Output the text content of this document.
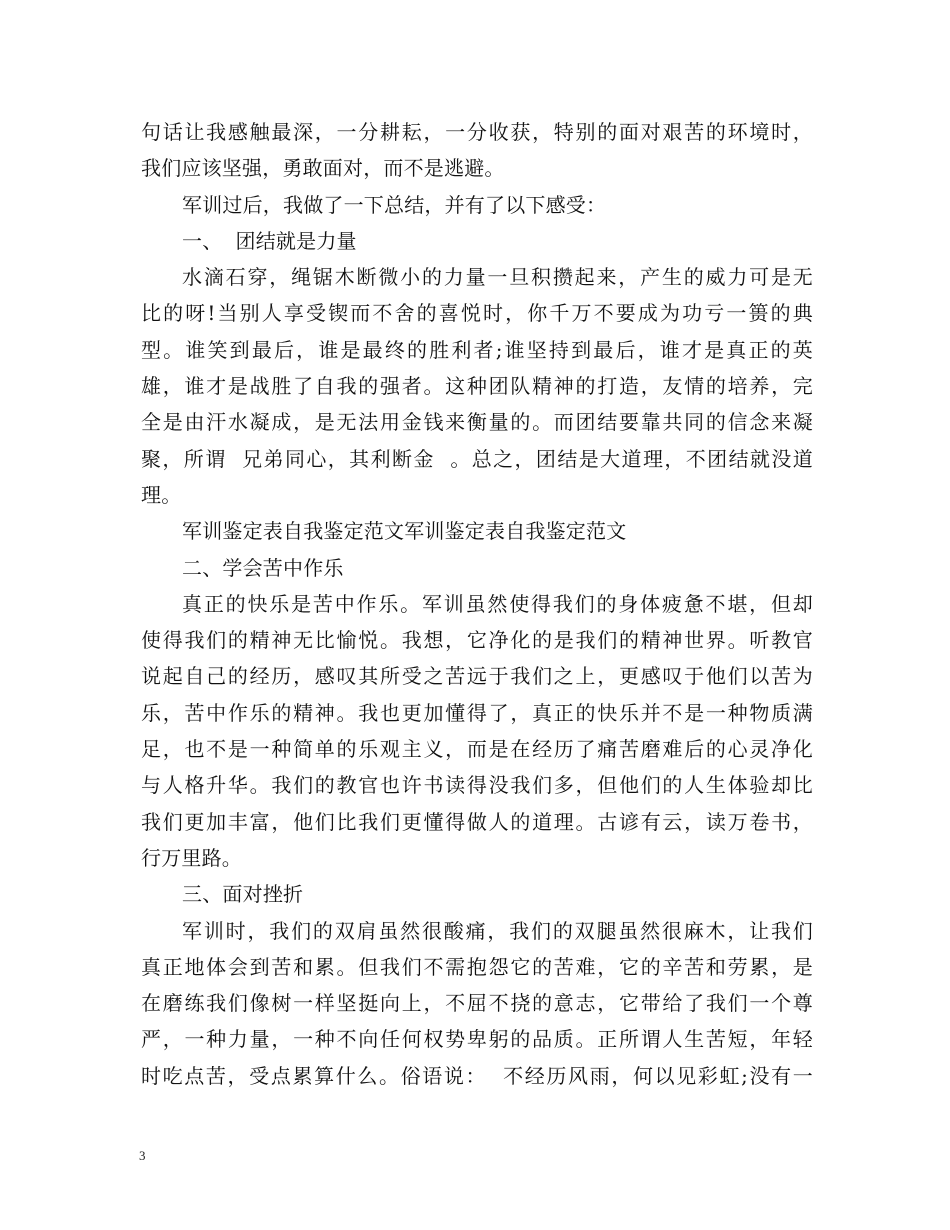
句话让我感触最深，一分耕耘，一分收获，特别的面对艰苦的环境时，
我们应该坚强，勇敢面对，而不是逃避。
军训过后，我做了一下总结，并有了以下感受：
一、  团结就是力量
水滴石穿，绳锯木断微小的力量一旦积攒起来，产生的威力可是无
比的呀!当别人享受锲而不舍的喜悦时，你千万不要成为功亏一篑的典
型。谁笑到最后，谁是最终的胜利者;谁坚持到最后，谁才是真正的英
雄，谁才是战胜了自我的强者。这种团队精神的打造，友情的培养，完
全是由汗水凝成，是无法用金钱来衡量的。而团结要靠共同的信念来凝
聚，所谓  兄弟同心，其利断金  。总之，团结是大道理，不团结就没道
理。
军训鉴定表自我鉴定范文军训鉴定表自我鉴定范文
二、学会苦中作乐
真正的快乐是苦中作乐。军训虽然使得我们的身体疲惫不堪，但却
使得我们的精神无比愉悦。我想，它净化的是我们的精神世界。听教官
说起自己的经历，感叹其所受之苦远于我们之上，更感叹于他们以苦为
乐，苦中作乐的精神。我也更加懂得了，真正的快乐并不是一种物质满
足，也不是一种简单的乐观主义，而是在经历了痛苦磨难后的心灵净化
与人格升华。我们的教官也许书读得没我们多，但他们的人生体验却比
我们更加丰富，他们比我们更懂得做人的道理。古谚有云，读万卷书，
行万里路。
三、面对挫折
军训时，我们的双肩虽然很酸痛，我们的双腿虽然很麻木，让我们
真正地体会到苦和累。但我们不需抱怨它的苦难，它的辛苦和劳累，是
在磨练我们像树一样坚挺向上，不屈不挠的意志，它带给了我们一个尊
严，一种力量，一种不向任何权势卑躬的品质。正所谓人生苦短，年轻
时吃点苦，受点累算什么。俗语说：  不经历风雨，何以见彩虹;没有一
3
